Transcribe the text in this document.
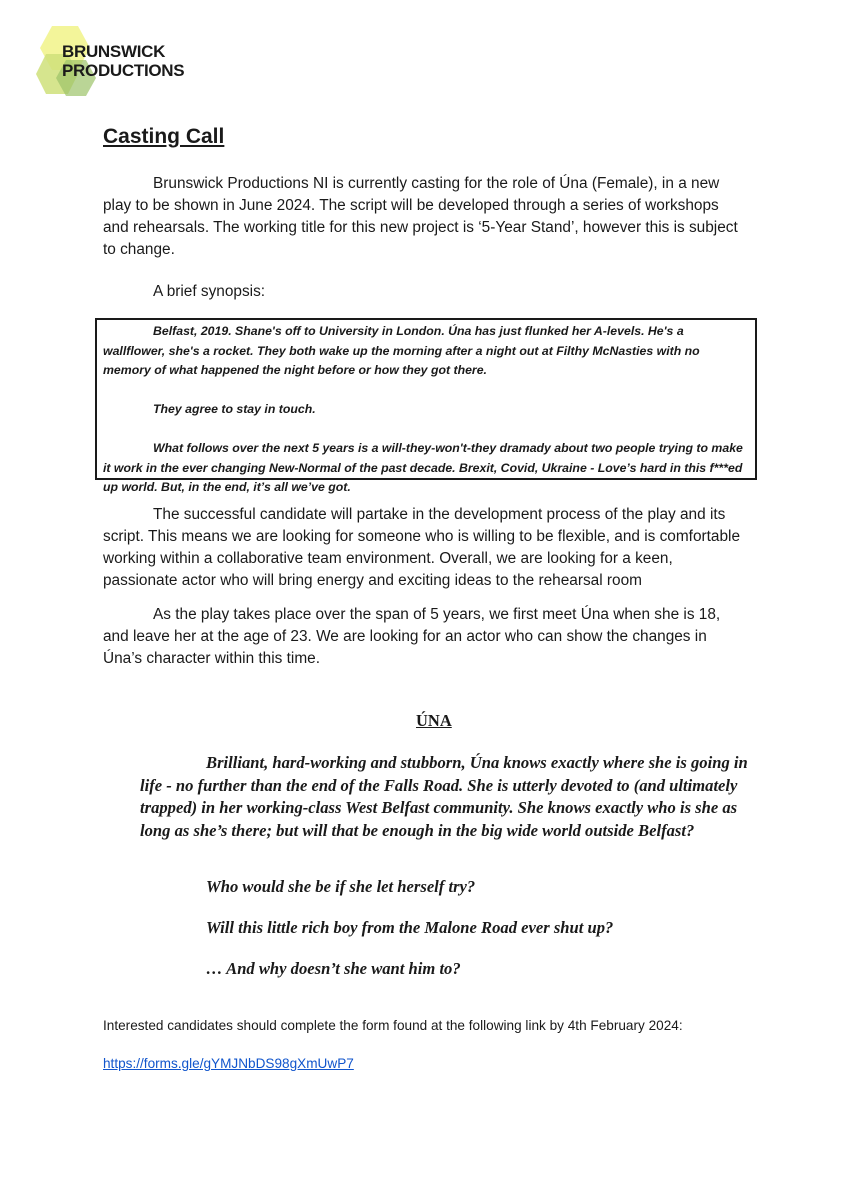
BRUNSWICK
PRODUCTIONS
Casting Call

Brunswick Productions NI is currently casting for the role of Úna (Female), in a new play to be shown in June 2024. The script will be developed through a series of workshops and rehearsals. The working title for this new project is ‘5-Year Stand’, however this is subject to change.

A brief synopsis:

Belfast, 2019. Shane's off to University in London. Úna has just flunked her A-levels. He's a wallflower, she's a rocket. They both wake up the morning after a night out at Filthy McNasties with no memory of what happened the night before or how they got there.

They agree to stay in touch.

What follows over the next 5 years is a will-they-won't-they dramady about two people trying to make it work in the ever changing New-Normal of the past decade. Brexit, Covid, Ukraine - Love’s hard in this f***ed up world. But, in the end, it’s all we’ve got.

The successful candidate will partake in the development process of the play and its script. This means we are looking for someone who is willing to be flexible, and is comfortable working within a collaborative team environment. Overall, we are looking for a keen, passionate actor who will bring energy and exciting ideas to the rehearsal room

As the play takes place over the span of 5 years, we first meet Úna when she is 18, and leave her at the age of 23. We are looking for an actor who can show the changes in Úna’s character within this time.

ÚNA

Brilliant, hard-working and stubborn, Úna knows exactly where she is going in life - no further than the end of the Falls Road. She is utterly devoted to (and ultimately trapped) in her working-class West Belfast community. She knows exactly who is she as long as she’s there; but will that be enough in the big wide world outside Belfast?

Who would she be if she let herself try?

Will this little rich boy from the Malone Road ever shut up?

… And why doesn’t she want him to?

Interested candidates should complete the form found at the following link by 4th February 2024:

https://forms.gle/gYMJNbDS98gXmUwP7
